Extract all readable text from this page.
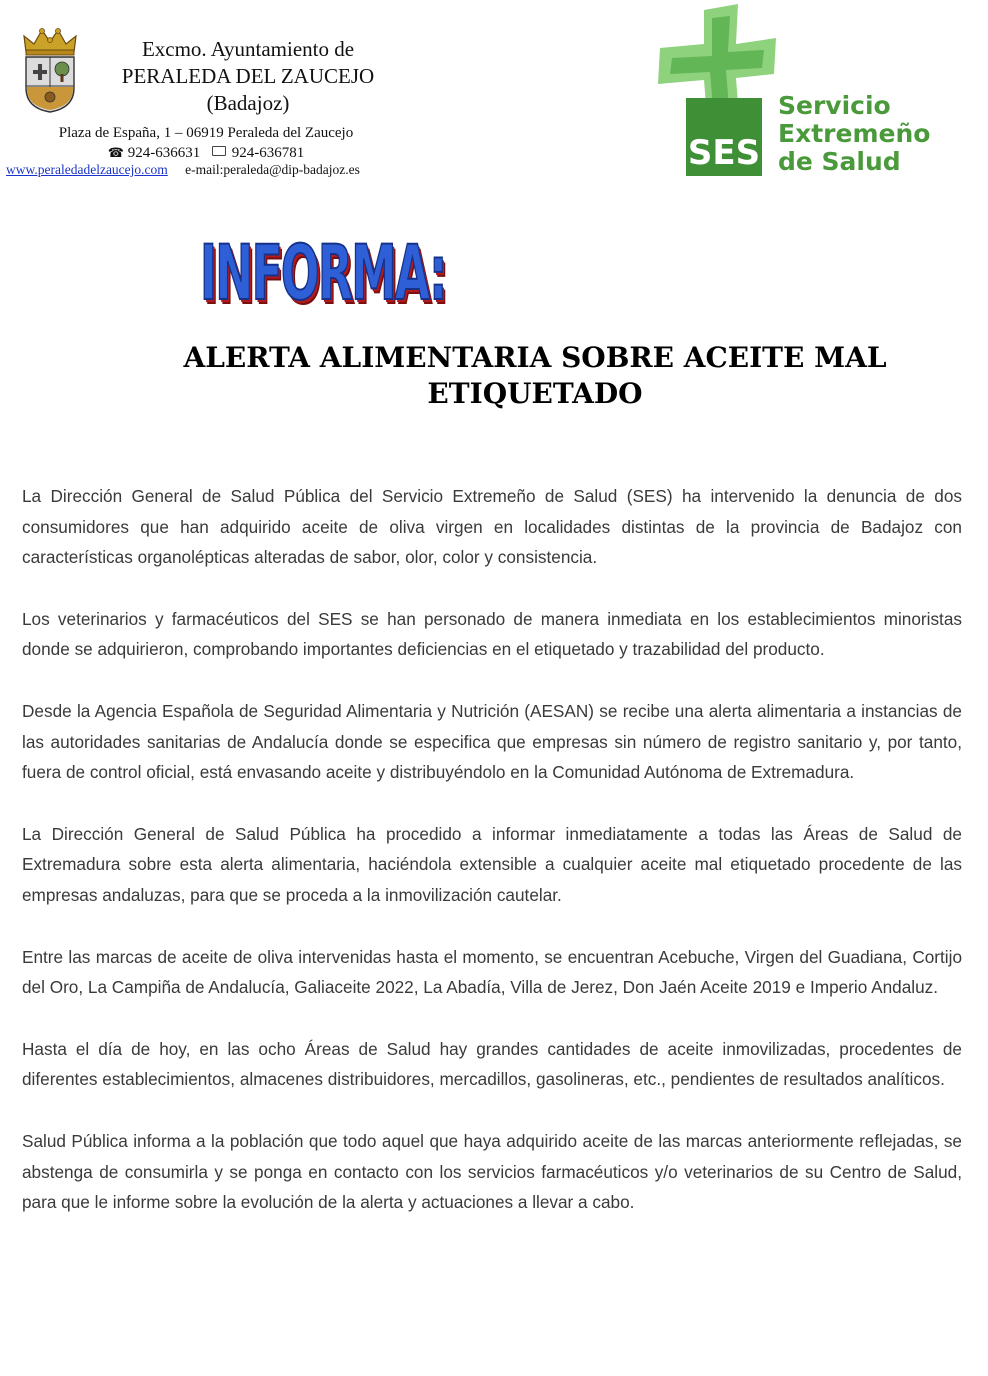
Excmo. Ayuntamiento de
PERALEDA DEL ZAUCEJO
(Badajoz)
Plaza de España, 1 – 06919 Peraleda del Zaucejo
☎ 924-636631 924-636781
www.peraledadelzaucejo.com e-mail:peraleda@dip-badajoz.es	SES
Servicio
Extremeño
de Salud
INFORMA:
ALERTA ALIMENTARIA SOBRE ACEITE MAL
ETIQUETADO

La Dirección General de Salud Pública del Servicio Extremeño de Salud (SES) ha intervenido la denuncia de dos consumidores que han adquirido aceite de oliva virgen en localidades distintas de la provincia de Badajoz con características organolépticas alteradas de sabor, olor, color y consistencia.

Los veterinarios y farmacéuticos del SES se han personado de manera inmediata en los establecimientos minoristas donde se adquirieron, comprobando importantes deficiencias en el etiquetado y trazabilidad del producto.

Desde la Agencia Española de Seguridad Alimentaria y Nutrición (AESAN) se recibe una alerta alimentaria a instancias de las autoridades sanitarias de Andalucía donde se especifica que empresas sin número de registro sanitario y, por tanto, fuera de control oficial, está envasando aceite y distribuyéndolo en la Comunidad Autónoma de Extremadura.

La Dirección General de Salud Pública ha procedido a informar inmediatamente a todas las Áreas de Salud de Extremadura sobre esta alerta alimentaria, haciéndola extensible a cualquier aceite mal etiquetado procedente de las empresas andaluzas, para que se proceda a la inmovilización cautelar.

Entre las marcas de aceite de oliva intervenidas hasta el momento, se encuentran Acebuche, Virgen del Guadiana, Cortijo del Oro, La Campiña de Andalucía, Galiaceite 2022, La Abadía, Villa de Jerez, Don Jaén Aceite 2019 e Imperio Andaluz.

Hasta el día de hoy, en las ocho Áreas de Salud hay grandes cantidades de aceite inmovilizadas, procedentes de diferentes establecimientos, almacenes distribuidores, mercadillos, gasolineras, etc., pendientes de resultados analíticos.

Salud Pública informa a la población que todo aquel que haya adquirido aceite de las marcas anteriormente reflejadas, se abstenga de consumirla y se ponga en contacto con los servicios farmacéuticos y/o veterinarios de su Centro de Salud, para que le informe sobre la evolución de la alerta y actuaciones a llevar a cabo.
